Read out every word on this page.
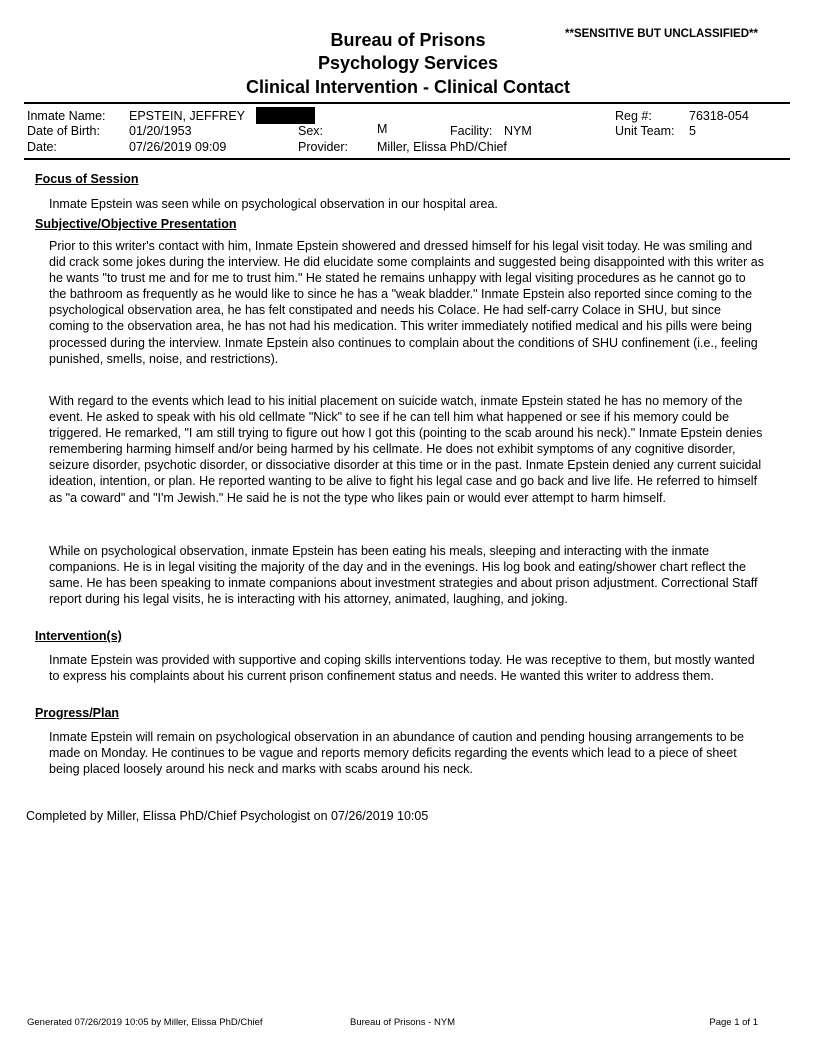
**SENSITIVE BUT UNCLASSIFIED**
Bureau of Prisons
Psychology Services
Clinical Intervention - Clinical Contact
Inmate Name: EPSTEIN, JEFFREY
Date of Birth: 01/20/1953
Date:	07/26/2019 09:09
Sex:	M	Facility: NYM
Provider: Miller, Elissa PhD/Chief
Reg #:	76318-054
Unit Team: 5
Focus of Session

Inmate Epstein was seen while on psychological observation in our hospital area.

Subjective/Objective Presentation

Prior to this writer's contact with him, Inmate Epstein showered and dressed himself for his legal visit today. He was smiling and did crack some jokes during the interview. He did elucidate some complaints and suggested being disappointed with this writer as he wants "to trust me and for me to trust him." He stated he remains unhappy with legal visiting procedures as he cannot go to the bathroom as frequently as he would like to since he has a "weak bladder." Inmate Epstein also reported since coming to the psychological observation area, he has felt constipated and needs his Colace. He had self-carry Colace in SHU, but since coming to the observation area, he has not had his medication. This writer immediately notified medical and his pills were being processed during the interview. Inmate Epstein also continues to complain about the conditions of SHU confinement (i.e., feeling punished, smells, noise, and restrictions).

With regard to the events which lead to his initial placement on suicide watch, inmate Epstein stated he has no memory of the event. He asked to speak with his old cellmate "Nick" to see if he can tell him what happened or see if his memory could be triggered. He remarked, "I am still trying to figure out how I got this (pointing to the scab around his neck)." Inmate Epstein denies remembering harming himself and/or being harmed by his cellmate. He does not exhibit symptoms of any cognitive disorder, seizure disorder, psychotic disorder, or dissociative disorder at this time or in the past. Inmate Epstein denied any current suicidal ideation, intention, or plan. He reported wanting to be alive to fight his legal case and go back and live life. He referred to himself as "a coward" and "I'm Jewish." He said he is not the type who likes pain or would ever attempt to harm himself.

While on psychological observation, inmate Epstein has been eating his meals, sleeping and interacting with the inmate companions. He is in legal visiting the majority of the day and in the evenings. His log book and eating/shower chart reflect the same. He has been speaking to inmate companions about investment strategies and about prison adjustment. Correctional Staff report during his legal visits, he is interacting with his attorney, animated, laughing, and joking.

Intervention(s)

Inmate Epstein was provided with supportive and coping skills interventions today. He was receptive to them, but mostly wanted to express his complaints about his current prison confinement status and needs. He wanted this writer to address them.

Progress/Plan

Inmate Epstein will remain on psychological observation in an abundance of caution and pending housing arrangements to be made on Monday. He continues to be vague and reports memory deficits regarding the events which lead to a piece of sheet being placed loosely around his neck and marks with scabs around his neck.

Completed by Miller, Elissa PhD/Chief Psychologist on 07/26/2019 10:05
Generated 07/26/2019 10:05 by Miller, Elissa PhD/Chief	Bureau of Prisons - NYM	Page 1 of 1
